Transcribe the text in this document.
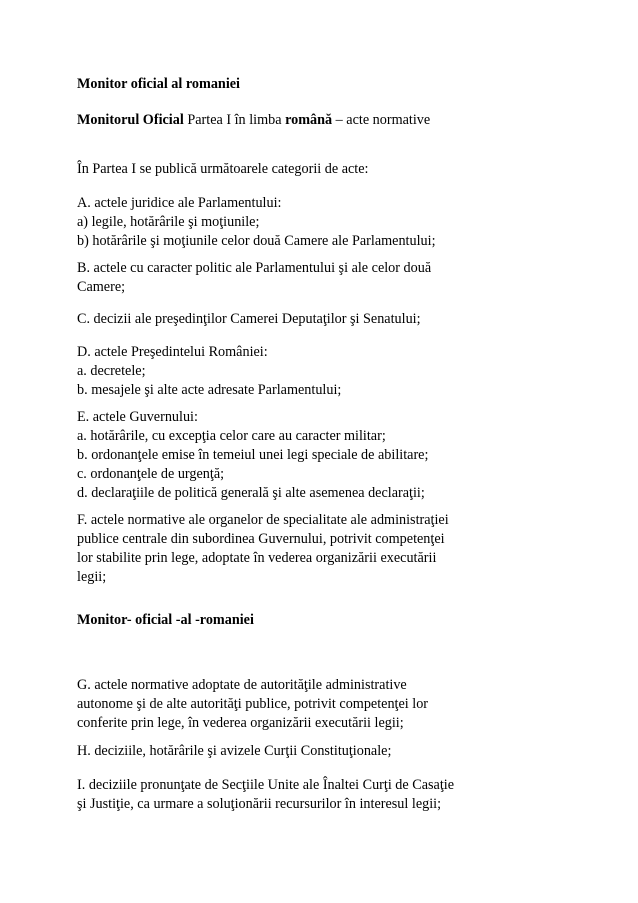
Monitor oficial al romaniei
Monitorul Oficial Partea I în limba română – acte normative
În Partea I se publică următoarele categorii de acte:
A. actele juridice ale Parlamentului:
a) legile, hotărârile şi moţiunile;
b) hotărârile şi moţiunile celor două Camere ale Parlamentului;
B. actele cu caracter politic ale Parlamentului şi ale celor două
Camere;
C. decizii ale preşedinţilor Camerei Deputaţilor şi Senatului;
D. actele Preşedintelui României:
a. decretele;
b. mesajele şi alte acte adresate Parlamentului;
E. actele Guvernului:
a. hotărârile, cu excepţia celor care au caracter militar;
b. ordonanţele emise în temeiul unei legi speciale de abilitare;
c. ordonanţele de urgenţă;
d. declaraţiile de politică generală şi alte asemenea declaraţii;
F. actele normative ale organelor de specialitate ale administraţiei
publice centrale din subordinea Guvernului, potrivit competenţei
lor stabilite prin lege, adoptate în vederea organizării executării
legii;
Monitor- oficial -al -romaniei
G. actele normative adoptate de autorităţile administrative
autonome şi de alte autorităţi publice, potrivit competenţei lor
conferite prin lege, în vederea organizării executării legii;
H. deciziile, hotărârile şi avizele Curţii Constituţionale;
I. deciziile pronunţate de Secţiile Unite ale Înaltei Curţi de Casaţie
şi Justiţie, ca urmare a soluţionării recursurilor în interesul legii;
